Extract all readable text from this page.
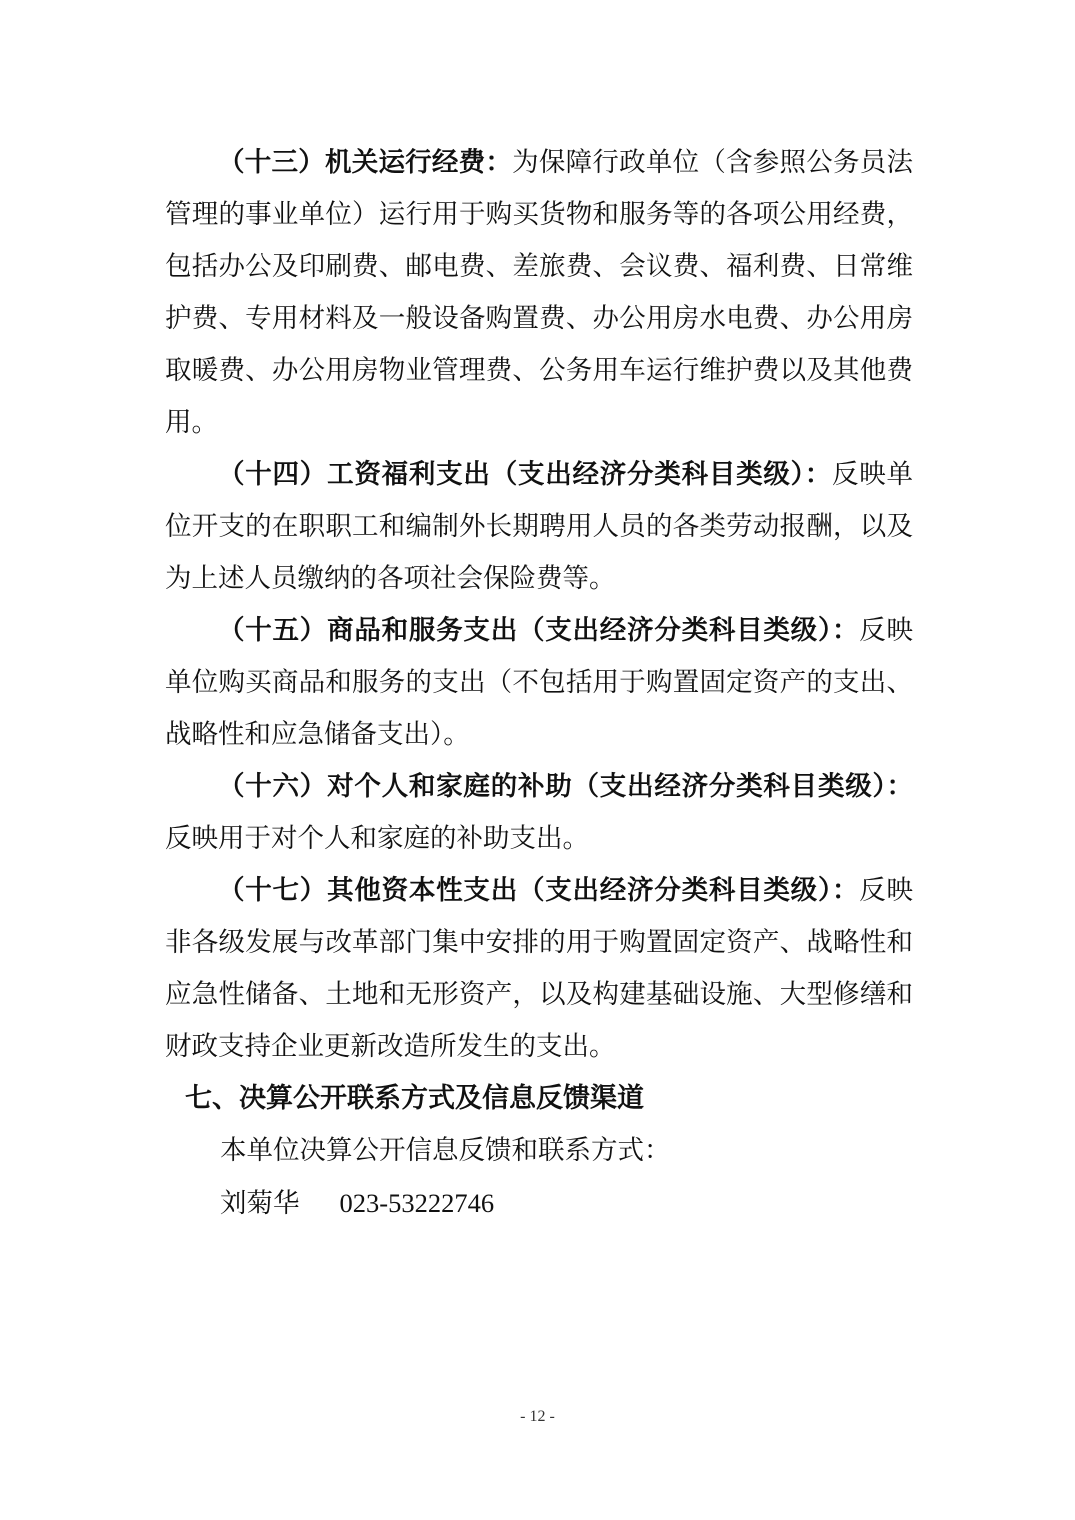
（十三）机关运行经费：为保障行政单位（含参照公务员法管理的事业单位）运行用于购买货物和服务等的各项公用经费，包括办公及印刷费、邮电费、差旅费、会议费、福利费、日常维护费、专用材料及一般设备购置费、办公用房水电费、办公用房取暖费、办公用房物业管理费、公务用车运行维护费以及其他费用。

（十四）工资福利支出（支出经济分类科目类级）：反映单位开支的在职职工和编制外长期聘用人员的各类劳动报酬，以及为上述人员缴纳的各项社会保险费等。

（十五）商品和服务支出（支出经济分类科目类级）：反映单位购买商品和服务的支出（不包括用于购置固定资产的支出、战略性和应急储备支出）。

（十六）对个人和家庭的补助（支出经济分类科目类级）：反映用于对个人和家庭的补助支出。

（十七）其他资本性支出（支出经济分类科目类级）：反映非各级发展与改革部门集中安排的用于购置固定资产、战略性和应急性储备、土地和无形资产，以及构建基础设施、大型修缮和财政支持企业更新改造所发生的支出。

七、决算公开联系方式及信息反馈渠道

本单位决算公开信息反馈和联系方式：

刘菊华 023-53222746

- 12 -
